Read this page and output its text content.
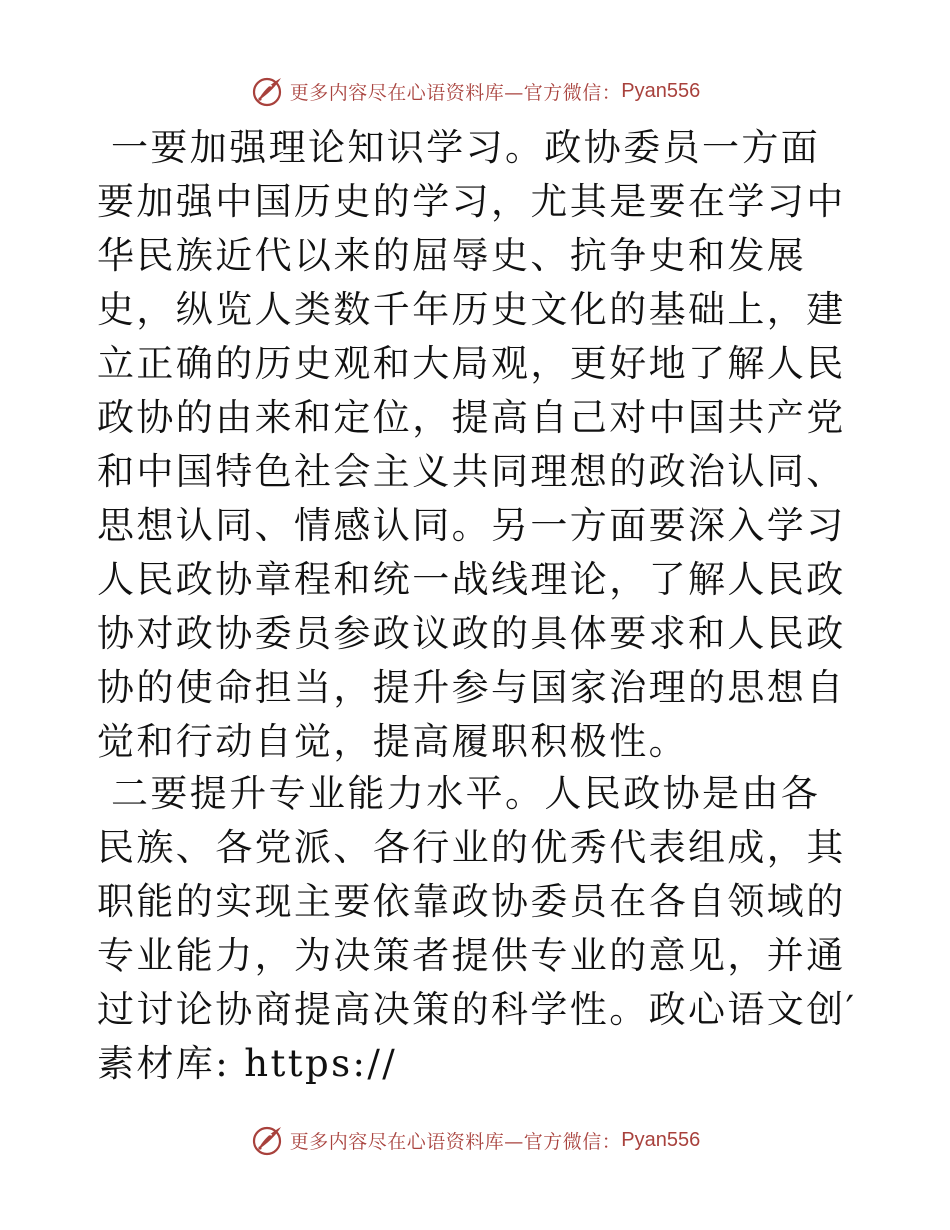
更多内容尽在心语资料库—官方微信： Pyan556

一要加强理论知识学习。政协委员一方面要加强中国历史的学习，尤其是要在学习中华民族近代以来的屈辱史、抗争史和发展史，纵览人类数千年历史文化的基础上，建立正确的历史观和大局观，更好地了解人民政协的由来和定位，提高自己对中国共产党和中国特色社会主义共同理想的政治认同、思想认同、情感认同。另一方面要深入学习人民政协章程和统一战线理论，了解人民政协对政协委员参政议政的具体要求和人民政协的使命担当，提升参与国家治理的思想自觉和行动自觉，提高履职积极性。

二要提升专业能力水平。人民政协是由各民族、各党派、各行业的优秀代表组成，其职能的实现主要依靠政协委员在各自领域的专业能力，为决策者提供专业的意见，并通过讨论协商提高决策的科学性。政心语文创′素材库: https://

更多内容尽在心语资料库—官方微信： Pyan556
